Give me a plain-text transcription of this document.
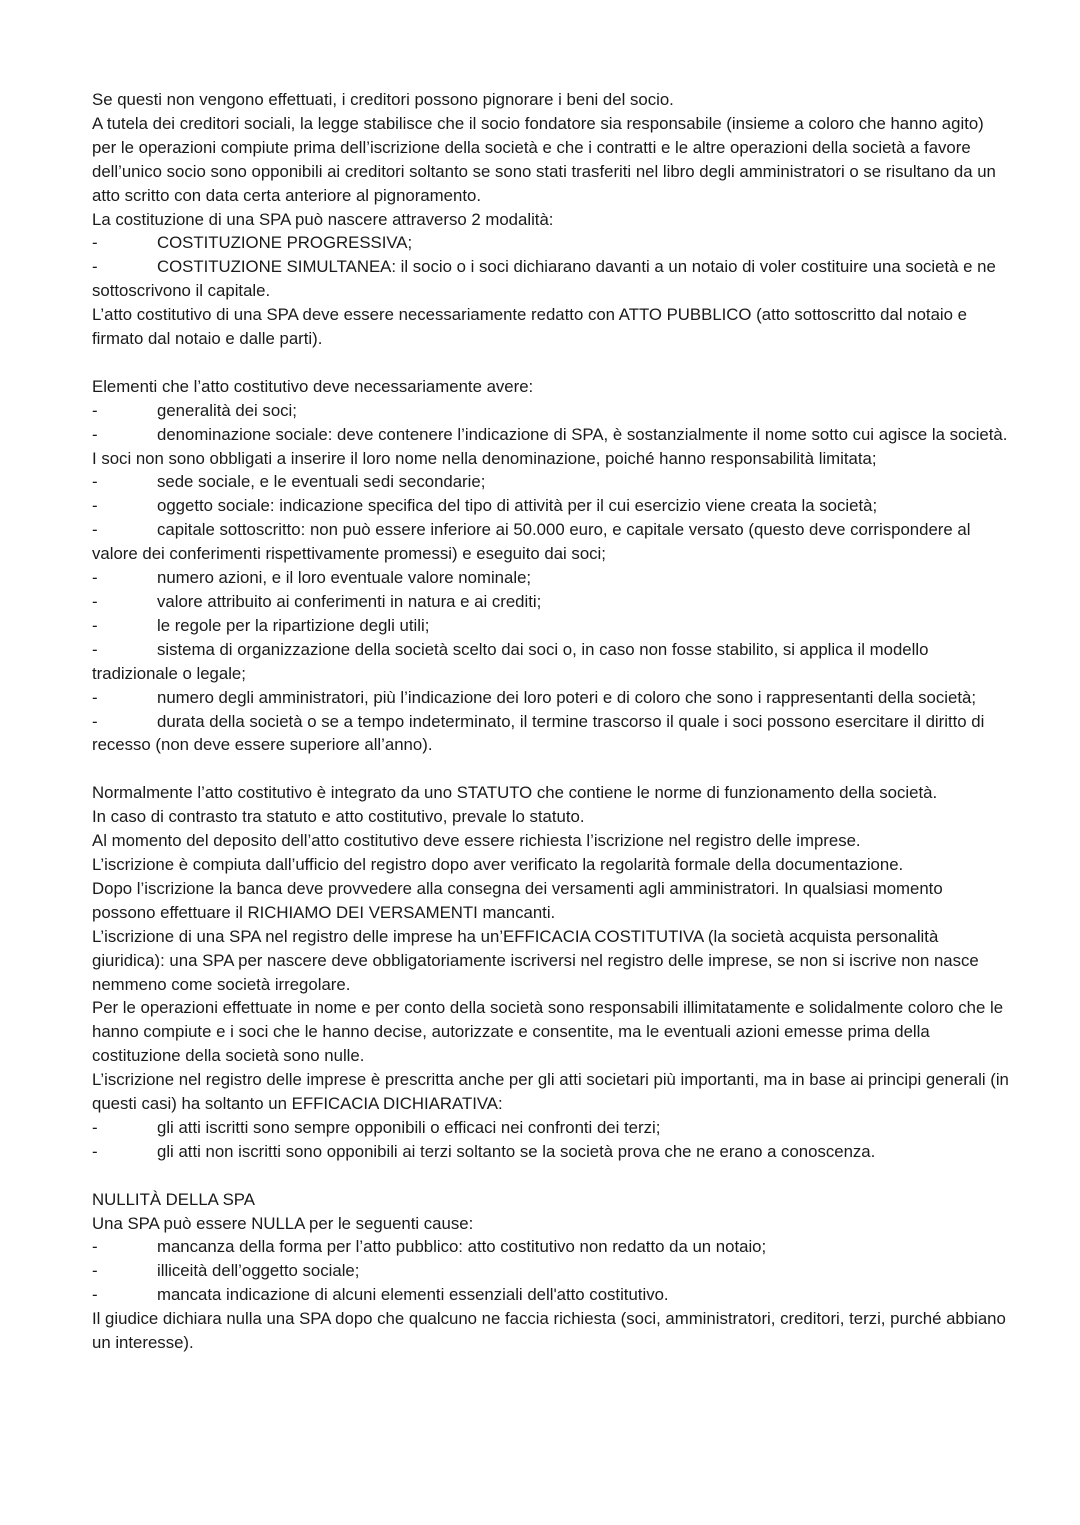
Se questi non vengono effettuati, i creditori possono pignorare i beni del socio.

A tutela dei creditori sociali, la legge stabilisce che il socio fondatore sia responsabile (insieme a coloro che hanno agito) per le operazioni compiute prima dell’iscrizione della società e che i contratti e le altre operazioni della società a favore dell’unico socio sono opponibili ai creditori soltanto se sono stati trasferiti nel libro degli amministratori o se risultano da un atto scritto con data certa anteriore al pignoramento.

La costituzione di una SPA può nascere attraverso 2 modalità:

- COSTITUZIONE PROGRESSIVA;

- COSTITUZIONE SIMULTANEA: il socio o i soci dichiarano davanti a un notaio di voler costituire una società e ne sottoscrivono il capitale.

L’atto costitutivo di una SPA deve essere necessariamente redatto con ATTO PUBBLICO (atto sottoscritto dal notaio e firmato dal notaio e dalle parti).

Elementi che l’atto costitutivo deve necessariamente avere:

- generalità dei soci;

- denominazione sociale: deve contenere l’indicazione di SPA, è sostanzialmente il nome sotto cui agisce la società. I soci non sono obbligati a inserire il loro nome nella denominazione, poiché hanno responsabilità limitata;

- sede sociale, e le eventuali sedi secondarie;

- oggetto sociale: indicazione specifica del tipo di attività per il cui esercizio viene creata la società;

- capitale sottoscritto: non può essere inferiore ai 50.000 euro, e capitale versato (questo deve corrispondere al valore dei conferimenti rispettivamente promessi) e eseguito dai soci;

- numero azioni, e il loro eventuale valore nominale;

- valore attribuito ai conferimenti in natura e ai crediti;

- le regole per la ripartizione degli utili;

- sistema di organizzazione della società scelto dai soci o, in caso non fosse stabilito, si applica il modello tradizionale o legale;

- numero degli amministratori, più l’indicazione dei loro poteri e di coloro che sono i rappresentanti della società;

- durata della società o se a tempo indeterminato, il termine trascorso il quale i soci possono esercitare il diritto di recesso (non deve essere superiore all’anno).

Normalmente l’atto costitutivo è integrato da uno STATUTO che contiene le norme di funzionamento della società.

In caso di contrasto tra statuto e atto costitutivo, prevale lo statuto.

Al momento del deposito dell’atto costitutivo deve essere richiesta l’iscrizione nel registro delle imprese.

L’iscrizione è compiuta dall’ufficio del registro dopo aver verificato la regolarità formale della documentazione.

Dopo l’iscrizione la banca deve provvedere alla consegna dei versamenti agli amministratori. In qualsiasi momento possono effettuare il RICHIAMO DEI VERSAMENTI mancanti.

L’iscrizione di una SPA nel registro delle imprese ha un’EFFICACIA COSTITUTIVA (la società acquista personalità giuridica): una SPA per nascere deve obbligatoriamente iscriversi nel registro delle imprese, se non si iscrive non nasce nemmeno come società irregolare.

Per le operazioni effettuate in nome e per conto della società sono responsabili illimitatamente e solidalmente coloro che le hanno compiute e i soci che le hanno decise, autorizzate e consentite, ma le eventuali azioni emesse prima della costituzione della società sono nulle.

L’iscrizione nel registro delle imprese è prescritta anche per gli atti societari più importanti, ma in base ai principi generali (in questi casi) ha soltanto un EFFICACIA DICHIARATIVA:

- gli atti iscritti sono sempre opponibili o efficaci nei confronti dei terzi;

- gli atti non iscritti sono opponibili ai terzi soltanto se la società prova che ne erano a conoscenza.

NULLITÀ DELLA SPA

Una SPA può essere NULLA per le seguenti cause:

- mancanza della forma per l’atto pubblico: atto costitutivo non redatto da un notaio;

- illiceità dell’oggetto sociale;

- mancata indicazione di alcuni elementi essenziali dell'atto costitutivo.

Il giudice dichiara nulla una SPA dopo che qualcuno ne faccia richiesta (soci, amministratori, creditori, terzi, purché abbiano un interesse).
